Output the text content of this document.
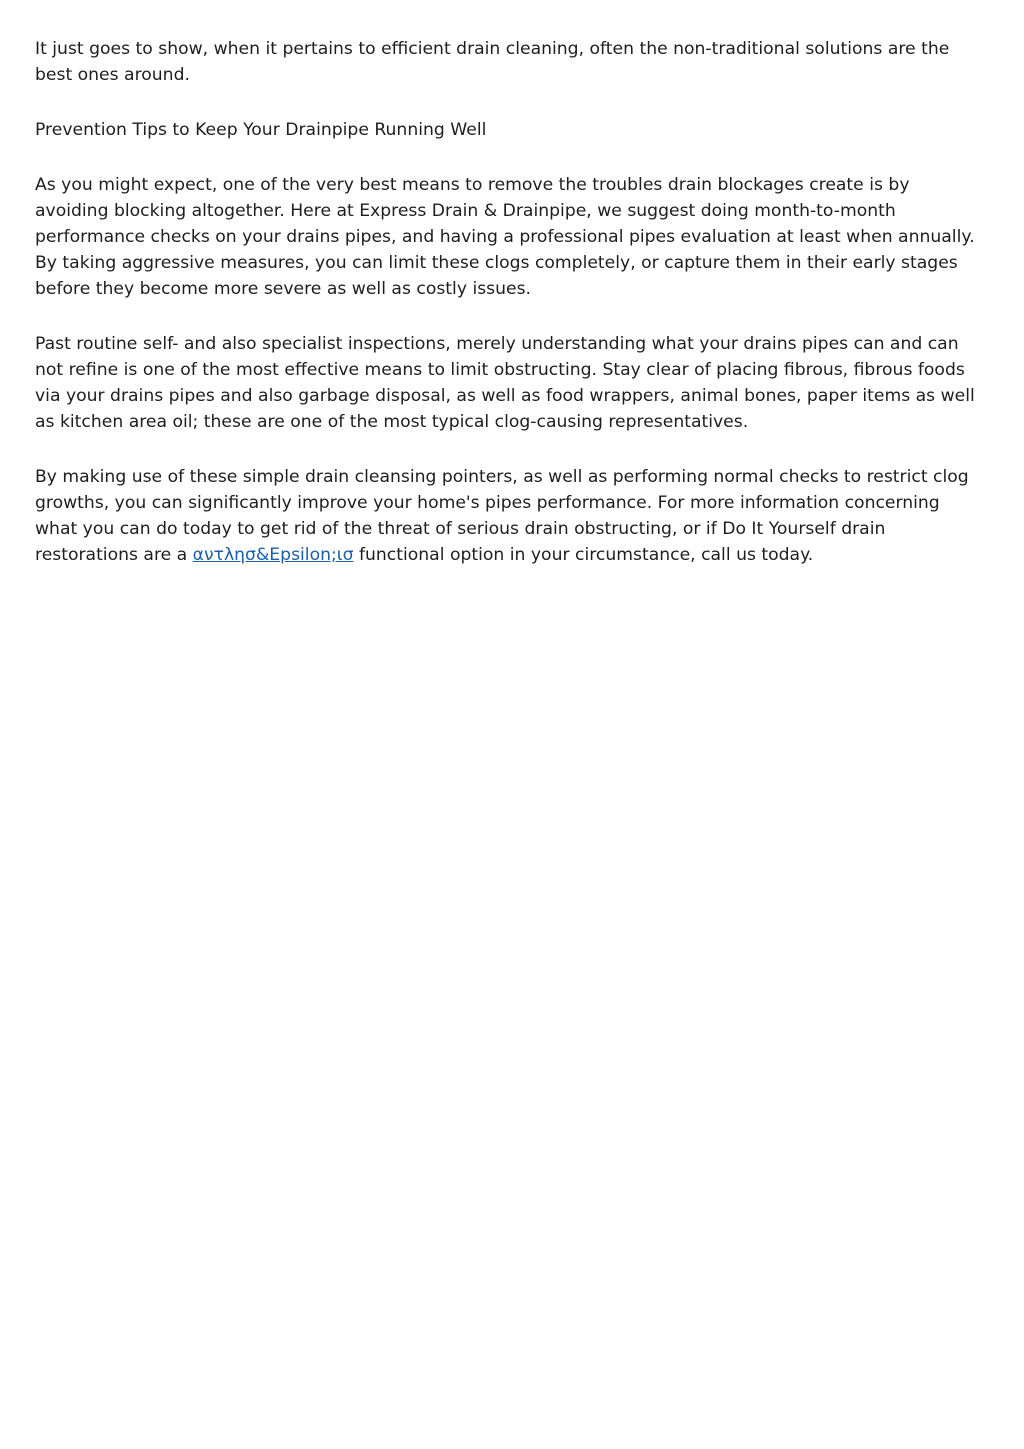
It just goes to show, when it pertains to efficient drain cleaning, often the non-traditional solutions are the best ones around.

Prevention Tips to Keep Your Drainpipe Running Well

As you might expect, one of the very best means to remove the troubles drain blockages create is by avoiding blocking altogether. Here at Express Drain & Drainpipe, we suggest doing month-to-month performance checks on your drains pipes, and having a professional pipes evaluation at least when annually. By taking aggressive measures, you can limit these clogs completely, or capture them in their early stages before they become more severe as well as costly issues.

Past routine self- and also specialist inspections, merely understanding what your drains pipes can and can not refine is one of the most effective means to limit obstructing. Stay clear of placing fibrous, fibrous foods via your drains pipes and also garbage disposal, as well as food wrappers, animal bones, paper items as well as kitchen area oil; these are one of the most typical clog-causing representatives.

By making use of these simple drain cleansing pointers, as well as performing normal checks to restrict clog growths, you can significantly improve your home's pipes performance. For more information concerning what you can do today to get rid of the threat of serious drain obstructing, or if Do It Yourself drain restorations are a αντλησ&Epsilon;ισ functional option in your circumstance, call us today.
